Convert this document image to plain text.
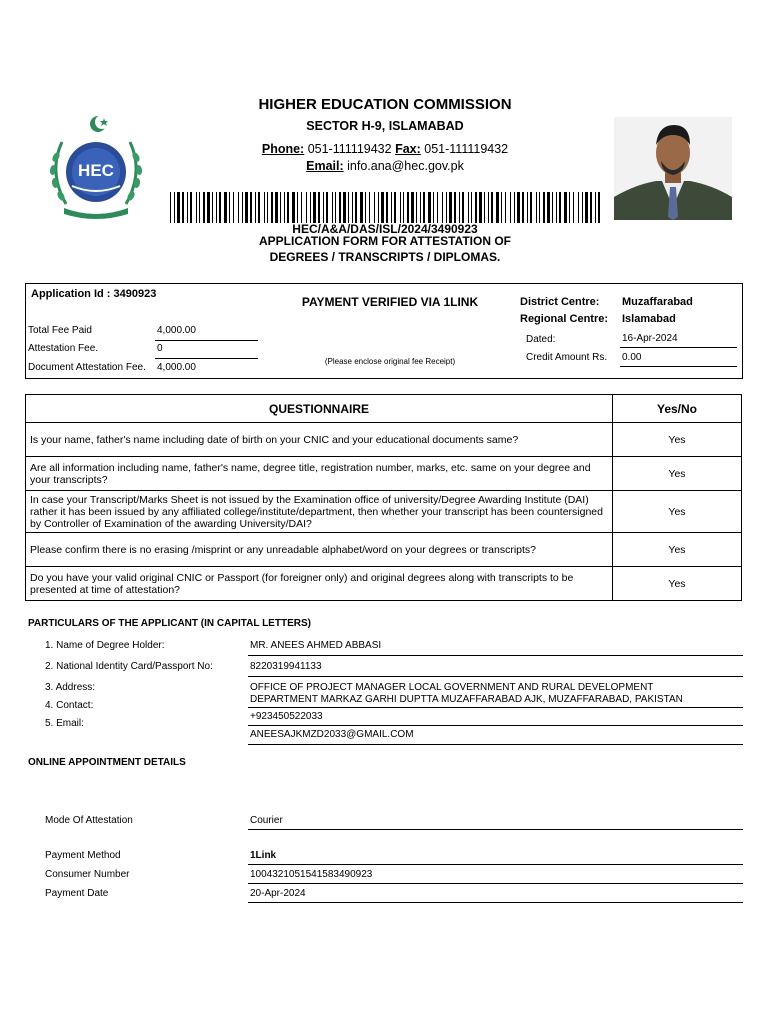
HEC
HIGHER EDUCATION COMMISSION
SECTOR H-9, ISLAMABAD
Phone: 051-111119432 Fax: 051-111119432
Email: info.ana@hec.gov.pk
HEC/A&A/DAS/ISL/2024/3490923
APPLICATION FORM FOR ATTESTATION OF
DEGREES / TRANSCRIPTS / DIPLOMAS.
Application Id : 3490923
PAYMENT VERIFIED VIA 1LINK
(Please enclose original fee Receipt)
Total Fee Paid	4,000.00
Attestation Fee.	0
Document Attestation Fee. 4,000.00
District Centre: Muzaffarabad
Regional Centre: Islamabad
Dated:	16-Apr-2024
Credit Amount Rs. 0.00
QUESTIONNAIRE	Yes/No
Is your name, father's name including date of birth on your CNIC and your educational documents same?	Yes
Are all information including name, father's name, degree title, registration number, marks, etc. same on your degree and your transcripts?	Yes
In case your Transcript/Marks Sheet is not issued by the Examination office of university/Degree Awarding Institute (DAI) rather it has been issued by any affiliated college/institute/department, then whether your transcript has been countersigned by Controller of Examination of the awarding University/DAI?	Yes
Please confirm there is no erasing /misprint or any unreadable alphabet/word on your degrees or transcripts?	Yes
Do you have your valid original CNIC or Passport (for foreigner only) and original degrees along with transcripts to be presented at time of attestation?	Yes
PARTICULARS OF THE APPLICANT (IN CAPITAL LETTERS)
1. Name of Degree Holder:	MR. ANEES AHMED ABBASI
2. National Identity Card/Passport No:	8220319941133
3. Address:	OFFICE OF PROJECT MANAGER LOCAL GOVERNMENT AND RURAL DEVELOPMENT
DEPARTMENT MARKAZ GARHI DUPTTA MUZAFFARABAD AJK, MUZAFFARABAD, PAKISTAN
4. Contact:
+923450522033
5. Email:
ANEESAJKMZD2033@GMAIL.COM
ONLINE APPOINTMENT DETAILS
Mode Of Attestation	Courier
Payment Method	1Link
Consumer Number	100432105154158349092​3
Payment Date	20-Apr-2024
